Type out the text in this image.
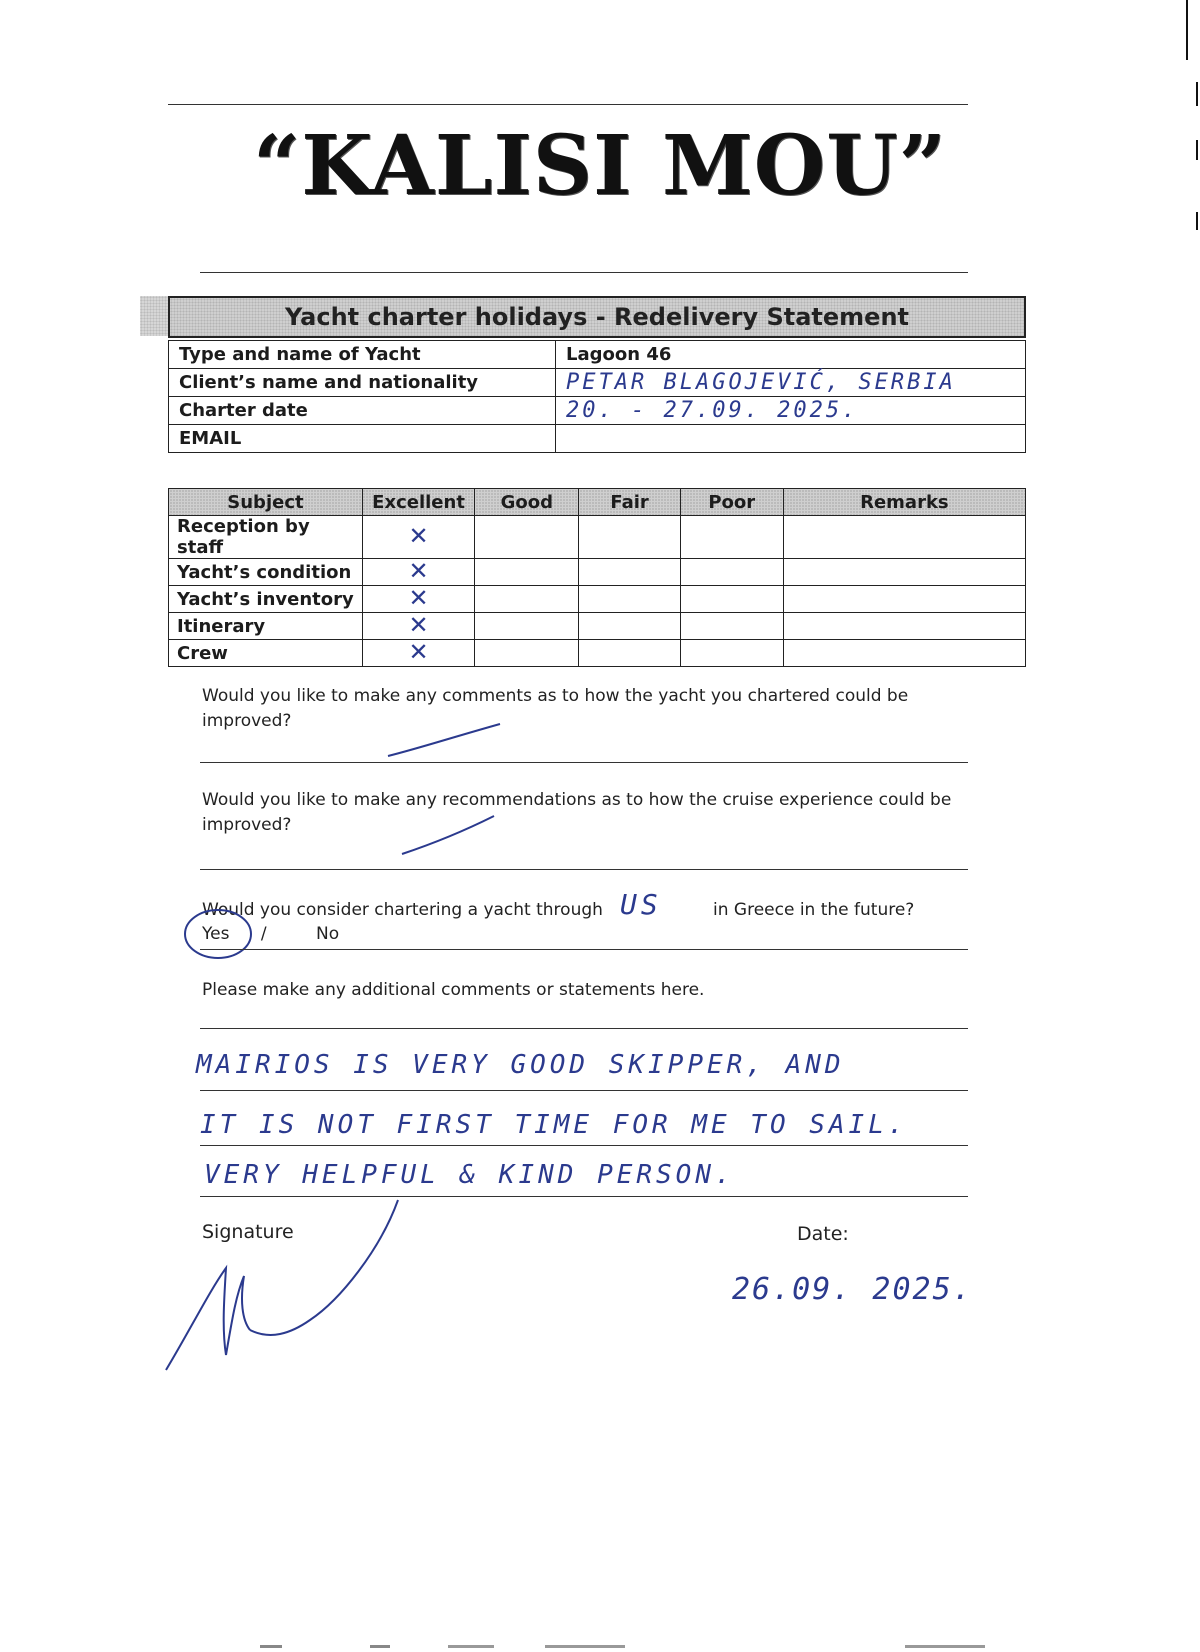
“KALISI MOU”
Yacht charter holidays - Redelivery Statement
Type and name of Yacht	Lagoon 46
Client’s name and nationality	PETAR BLAGOJEVIĆ, SERBIA
Charter date	20. - 27.09. 2025.
EMAIL	
Subject	Excellent	Good	Fair	Poor	Remarks
Reception by staff	✕				
Yacht’s condition	✕				
Yacht’s inventory	✕				
Itinerary	✕				
Crew	✕				
Would you like to make any comments as to how the yacht you chartered could be improved?
Would you like to make any recommendations as to how the cruise experience could be improved?
Would you consider chartering a yacht through US	in Greece in the future?
Yes /	No
Please make any additional comments or statements here.
MAIRIOS IS VERY GOOD SKIPPER, AND
IT IS NOT FIRST TIME FOR ME TO SAIL.
VERY HELPFUL & KIND PERSON.
Signature	Date:
26.09. 2025.
